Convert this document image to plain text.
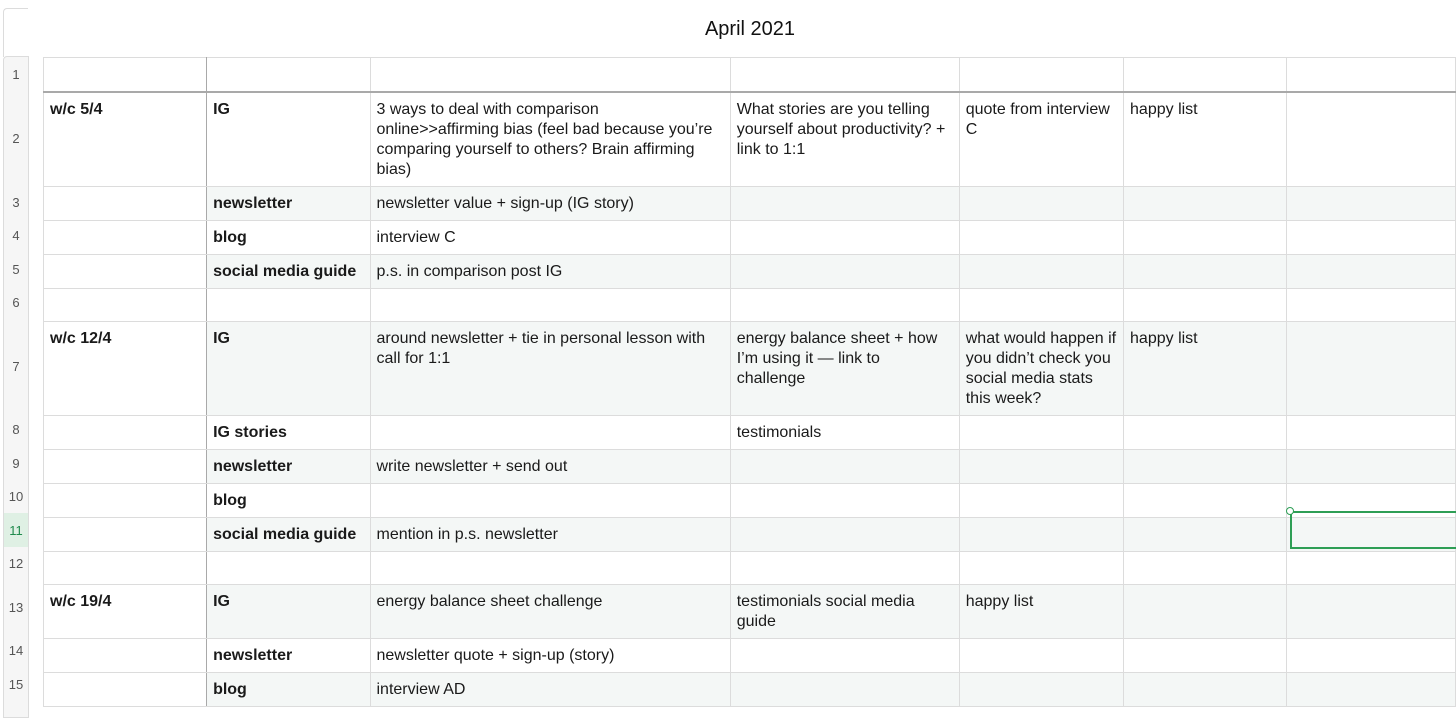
April 2021
1
2
3
4
5
6
7
8
9
10
11
12
13
14
15

w/c 5/4	IG	3 ways to deal with comparison online>>affirming bias (feel bad because you’re comparing yourself to others? Brain affirming bias)	What stories are you telling yourself about productivity? + link to 1:1	quote from interview C	happy list	
	newsletter	newsletter value + sign-up (IG story)				
	blog	interview C				
	social media guide	p.s. in comparison post IG				

w/c 12/4	IG	around newsletter + tie in personal lesson with call for 1:1	energy balance sheet + how I’m using it — link to challenge	what would happen if you didn’t check you social media stats this week?	happy list	
	IG stories		testimonials			
	newsletter	write newsletter + send out				
	blog					
	social media guide	mention in p.s. newsletter				

w/c 19/4	IG	energy balance sheet challenge	testimonials social media guide	happy list		
	newsletter	newsletter quote + sign-up (story)				
	blog	interview AD				
